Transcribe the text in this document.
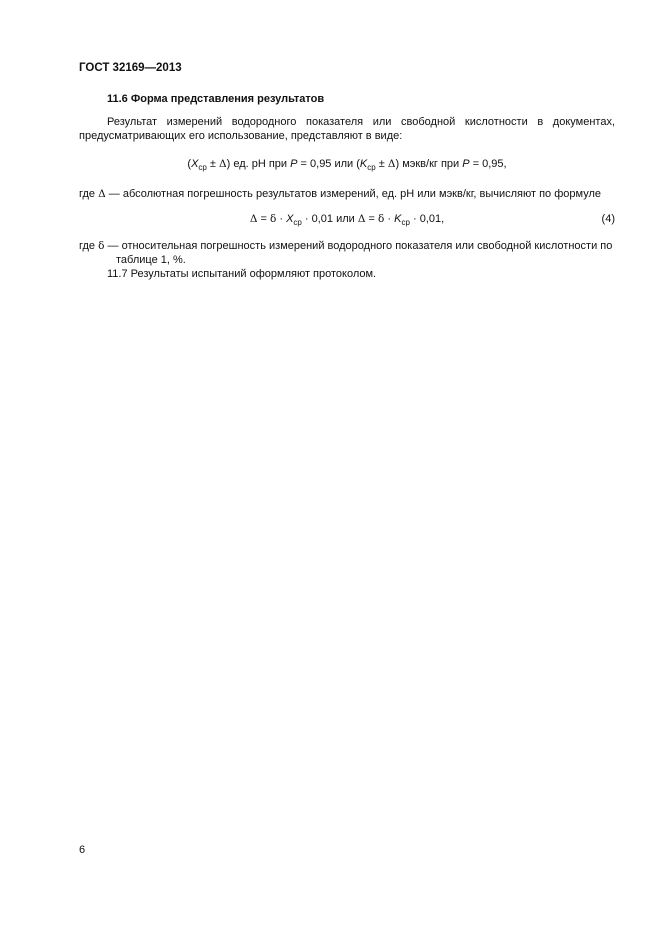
ГОСТ 32169—2013

11.6 Форма представления результатов

Результат измерений водородного показателя или свободной кислотности в документах, предусматривающих его использование, представляют в виде:

$(X_{ср} \pm \Delta)$ ед. pH при P = 0,95 или $(K_{ср} \pm \Delta)$ мэкв/кг при P = 0,95,

где Δ — абсолютная погрешность результатов измерений, ед. pH или мэкв/кг, вычисляют по формуле

$\Delta = \delta \cdot X_{ср} \cdot 0,01$ или $\Delta = \delta \cdot K_{ср} \cdot 0,01$,	(4)

где δ — относительная погрешность измерений водородного показателя или свободной кислотности по таблице 1, %.

11.7 Результаты испытаний оформляют протоколом.

6
